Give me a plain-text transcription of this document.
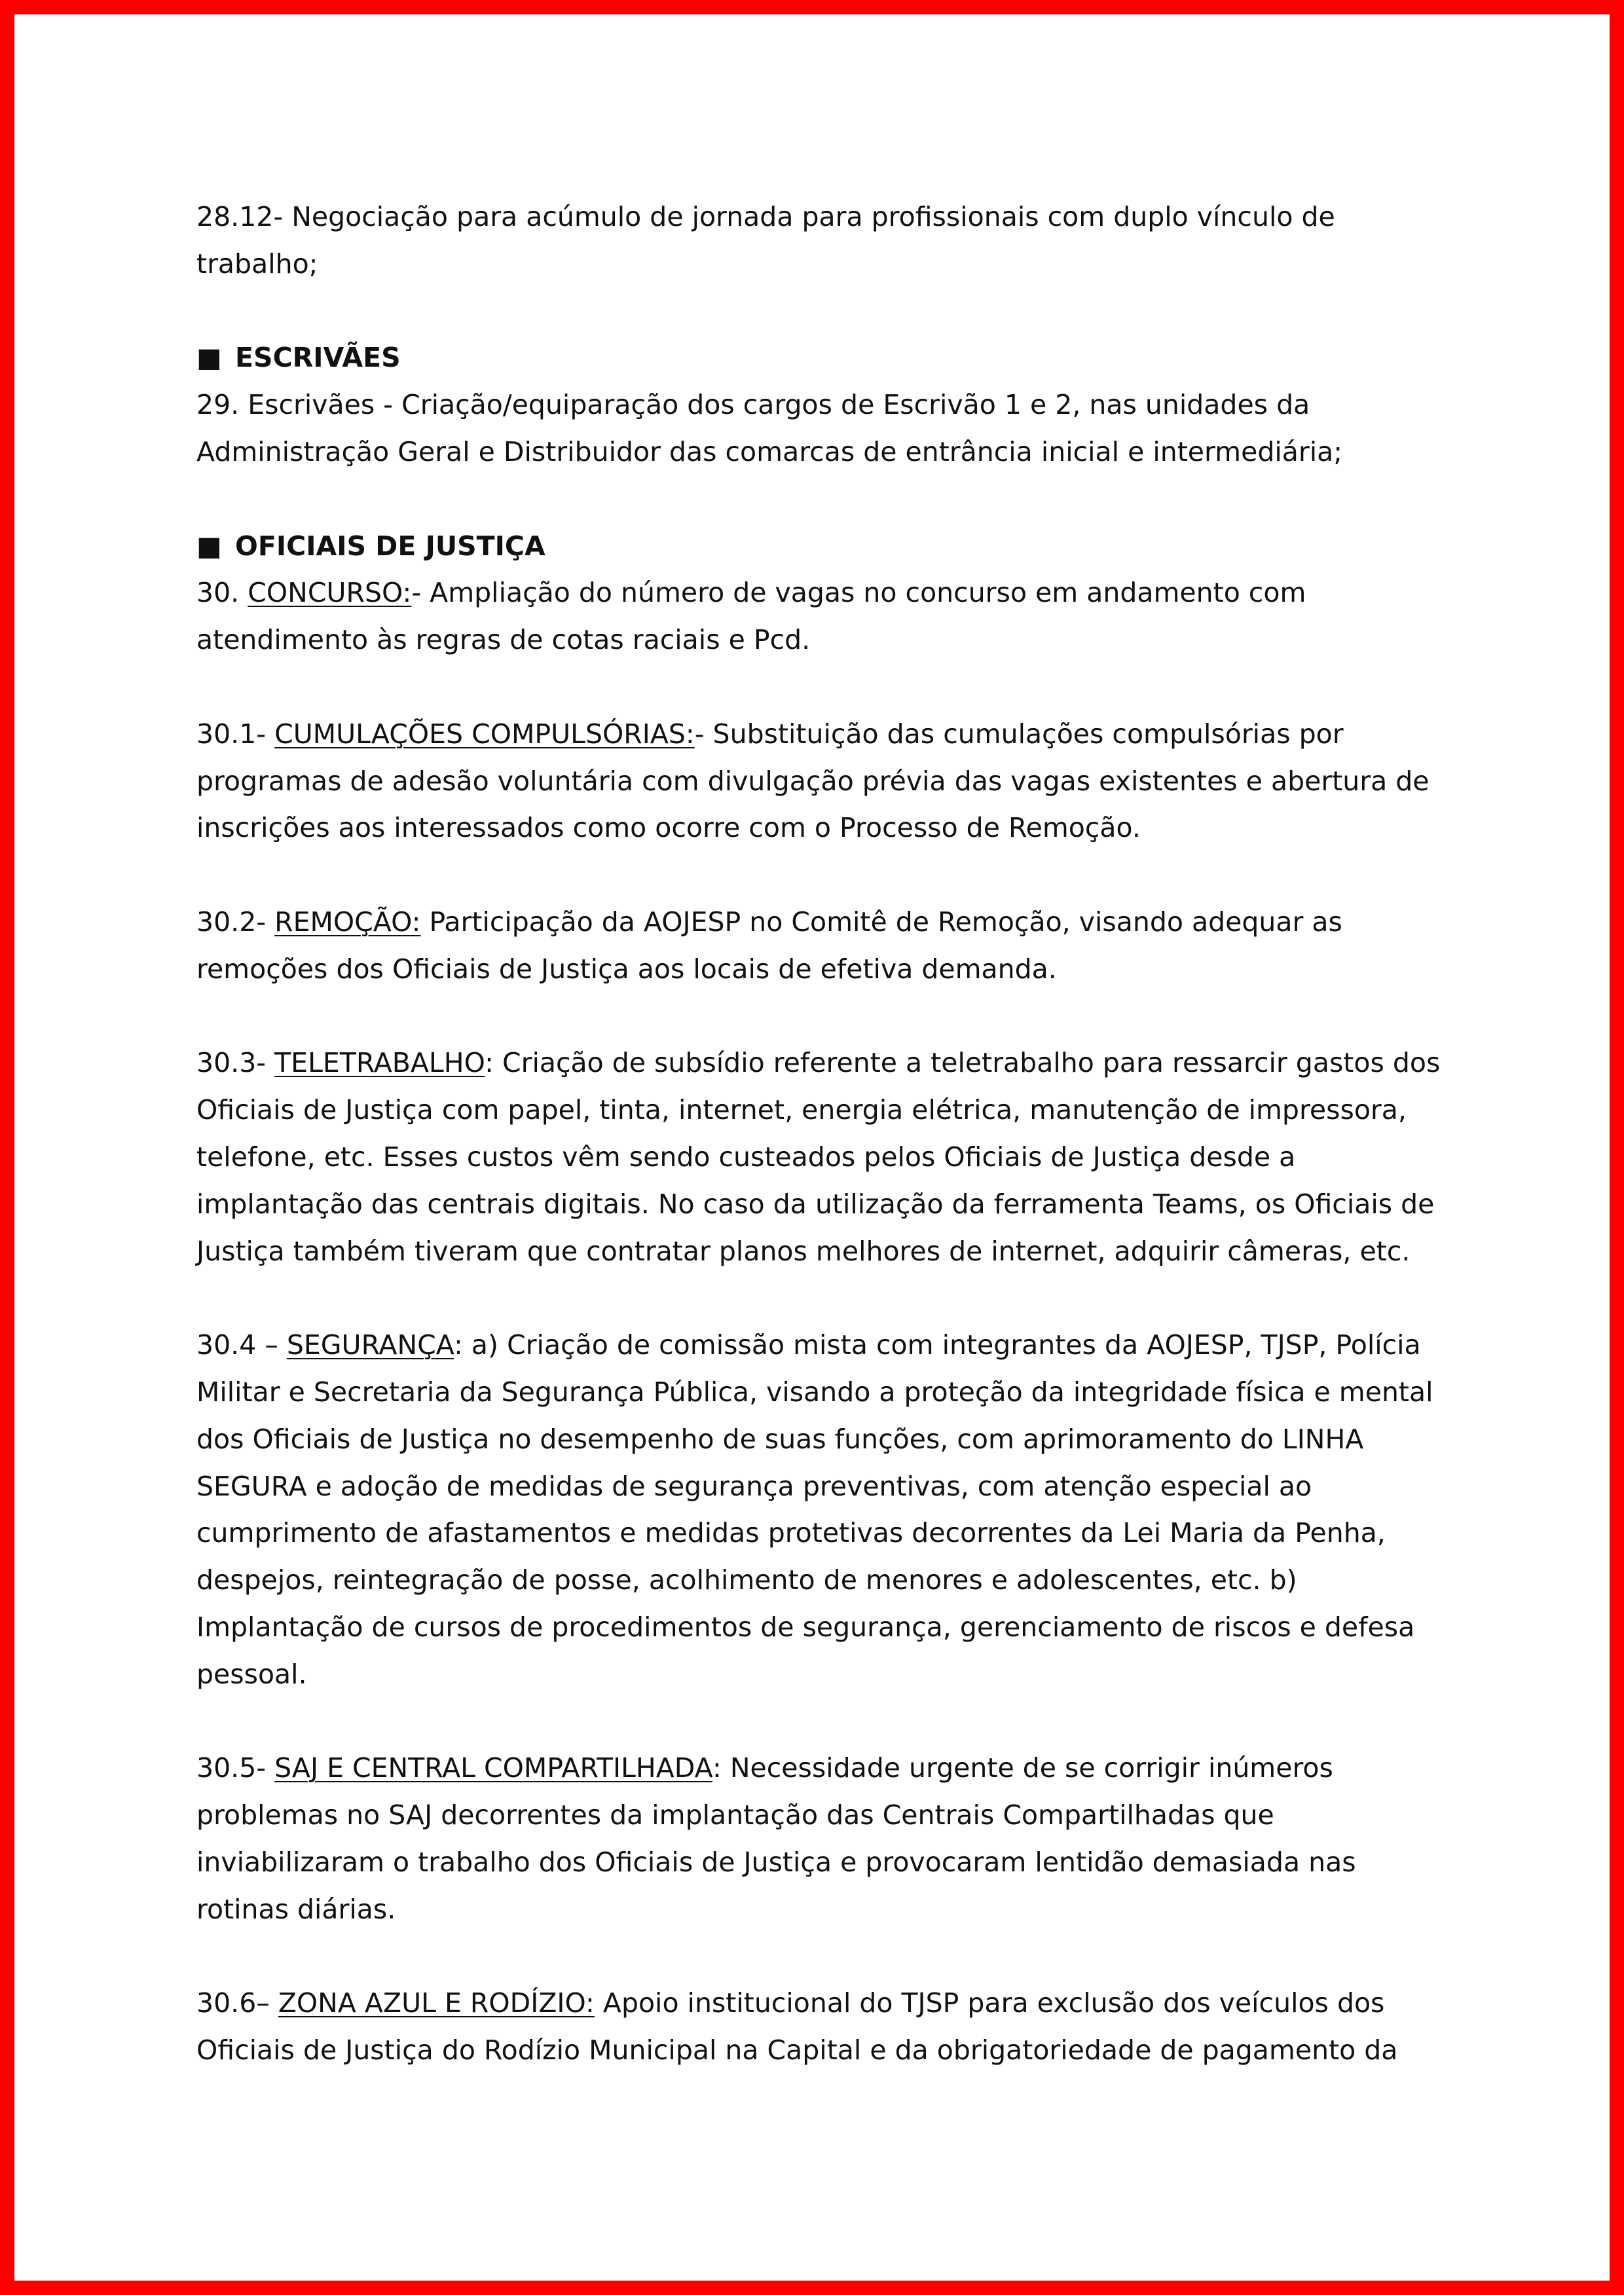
28.12- Negociação para acúmulo de jornada para profissionais com duplo vínculo de trabalho;

■ ESCRIVÃES

29. Escrivães - Criação/equiparação dos cargos de Escrivão 1 e 2, nas unidades da Administração Geral e Distribuidor das comarcas de entrância inicial e intermediária;

■ OFICIAIS DE JUSTIÇA

30. CONCURSO:- Ampliação do número de vagas no concurso em andamento com atendimento às regras de cotas raciais e Pcd.

30.1- CUMULAÇÕES COMPULSÓRIAS:- Substituição das cumulações compulsórias por programas de adesão voluntária com divulgação prévia das vagas existentes e abertura de inscrições aos interessados como ocorre com o Processo de Remoção.

30.2- REMOÇÃO: Participação da AOJESP no Comitê de Remoção, visando adequar as remoções dos Oficiais de Justiça aos locais de efetiva demanda.

30.3- TELETRABALHO: Criação de subsídio referente a teletrabalho para ressarcir gastos dos Oficiais de Justiça com papel, tinta, internet, energia elétrica, manutenção de impressora, telefone, etc. Esses custos vêm sendo custeados pelos Oficiais de Justiça desde a implantação das centrais digitais. No caso da utilização da ferramenta Teams, os Oficiais de Justiça também tiveram que contratar planos melhores de internet, adquirir câmeras, etc.

30.4 – SEGURANÇA: a) Criação de comissão mista com integrantes da AOJESP, TJSP, Polícia Militar e Secretaria da Segurança Pública, visando a proteção da integridade física e mental dos Oficiais de Justiça no desempenho de suas funções, com aprimoramento do LINHA SEGURA e adoção de medidas de segurança preventivas, com atenção especial ao cumprimento de afastamentos e medidas protetivas decorrentes da Lei Maria da Penha, despejos, reintegração de posse, acolhimento de menores e adolescentes, etc. b) Implantação de cursos de procedimentos de segurança, gerenciamento de riscos e defesa pessoal.

30.5- SAJ E CENTRAL COMPARTILHADA: Necessidade urgente de se corrigir inúmeros problemas no SAJ decorrentes da implantação das Centrais Compartilhadas que inviabilizaram o trabalho dos Oficiais de Justiça e provocaram lentidão demasiada nas rotinas diárias.

30.6– ZONA AZUL E RODÍZIO: Apoio institucional do TJSP para exclusão dos veículos dos Oficiais de Justiça do Rodízio Municipal na Capital e da obrigatoriedade de pagamento da
